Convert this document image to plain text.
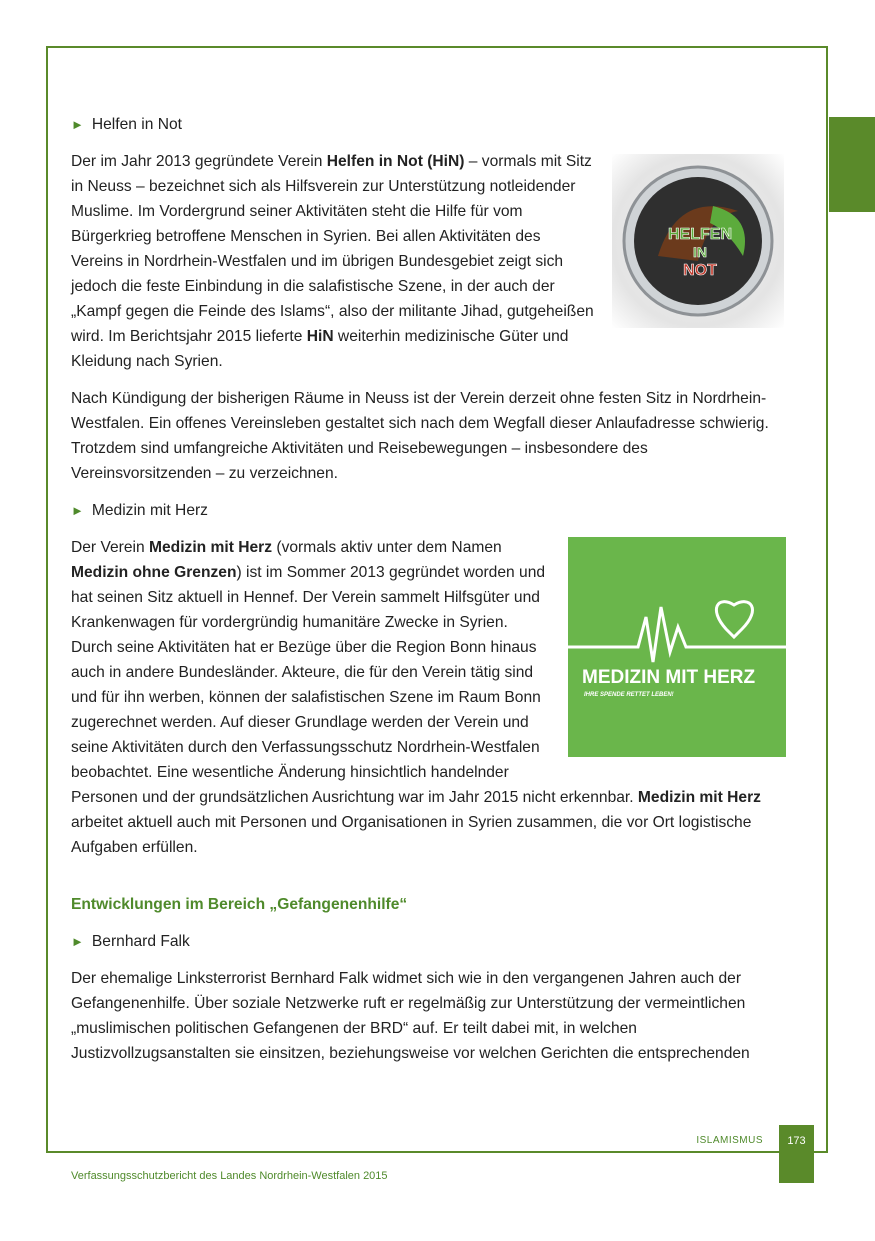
► Helfen in Not
HELFEN
IN
NOT

Der im Jahr 2013 gegründete Verein Helfen in Not (HiN) – vormals mit Sitz in Neuss – bezeichnet sich als Hilfsverein zur Unterstützung notleidender Muslime. Im Vordergrund seiner Aktivitäten steht die Hilfe für vom Bürgerkrieg betroffene Menschen in Syrien. Bei allen Aktivitäten des Vereins in Nordrhein-Westfalen und im übrigen Bundesgebiet zeigt sich jedoch die feste Einbindung in die salafistische Szene, in der auch der „Kampf gegen die Feinde des Islams“, also der militante Jihad, gutgeheißen wird. Im Berichtsjahr 2015 lieferte HiN weiterhin medizinische Güter und Kleidung nach Syrien.

Nach Kündigung der bisherigen Räume in Neuss ist der Verein derzeit ohne festen Sitz in Nordrhein-Westfalen. Ein offenes Vereinsleben gestaltet sich nach dem Wegfall dieser Anlaufadresse schwierig. Trotzdem sind umfangreiche Aktivitäten und Reisebewegungen – insbesondere des Vereinsvorsitzenden – zu verzeichnen.

► Medizin mit Herz
MEDIZIN MIT HERZ
IHRE SPENDE RETTET LEBEN!

Der Verein Medizin mit Herz (vormals aktiv unter dem Namen Medizin ohne Grenzen) ist im Sommer 2013 gegründet worden und hat seinen Sitz aktuell in Hennef. Der Verein sammelt Hilfsgüter und Krankenwagen für vordergründig humanitäre Zwecke in Syrien. Durch seine Aktivitäten hat er Bezüge über die Region Bonn hinaus auch in andere Bundesländer. Akteure, die für den Verein tätig sind und für ihn werben, können der salafistischen Szene im Raum Bonn zugerechnet werden. Auf dieser Grundlage werden der Verein und seine Aktivitäten durch den Verfassungsschutz Nordrhein-Westfalen beobachtet. Eine wesentliche Änderung hinsichtlich handelnder Personen und der grundsätzlichen Ausrichtung war im Jahr 2015 nicht erkennbar. Medizin mit Herz arbeitet aktuell auch mit Personen und Organisationen in Syrien zusammen, die vor Ort logistische Aufgaben erfüllen.

Entwicklungen im Bereich „Gefangenenhilfe“
► Bernhard Falk

Der ehemalige Linksterrorist Bernhard Falk widmet sich wie in den vergangenen Jahren auch der Gefangenenhilfe. Über soziale Netzwerke ruft er regelmäßig zur Unterstützung der vermeintlichen „muslimischen politischen Gefangenen der BRD“ auf. Er teilt dabei mit, in welchen Justizvollzugsanstalten sie einsitzen, beziehungsweise vor welchen Gerichten die entsprechenden

ISLAMISMUS	173
Verfassungsschutzbericht des Landes Nordrhein-Westfalen 2015
